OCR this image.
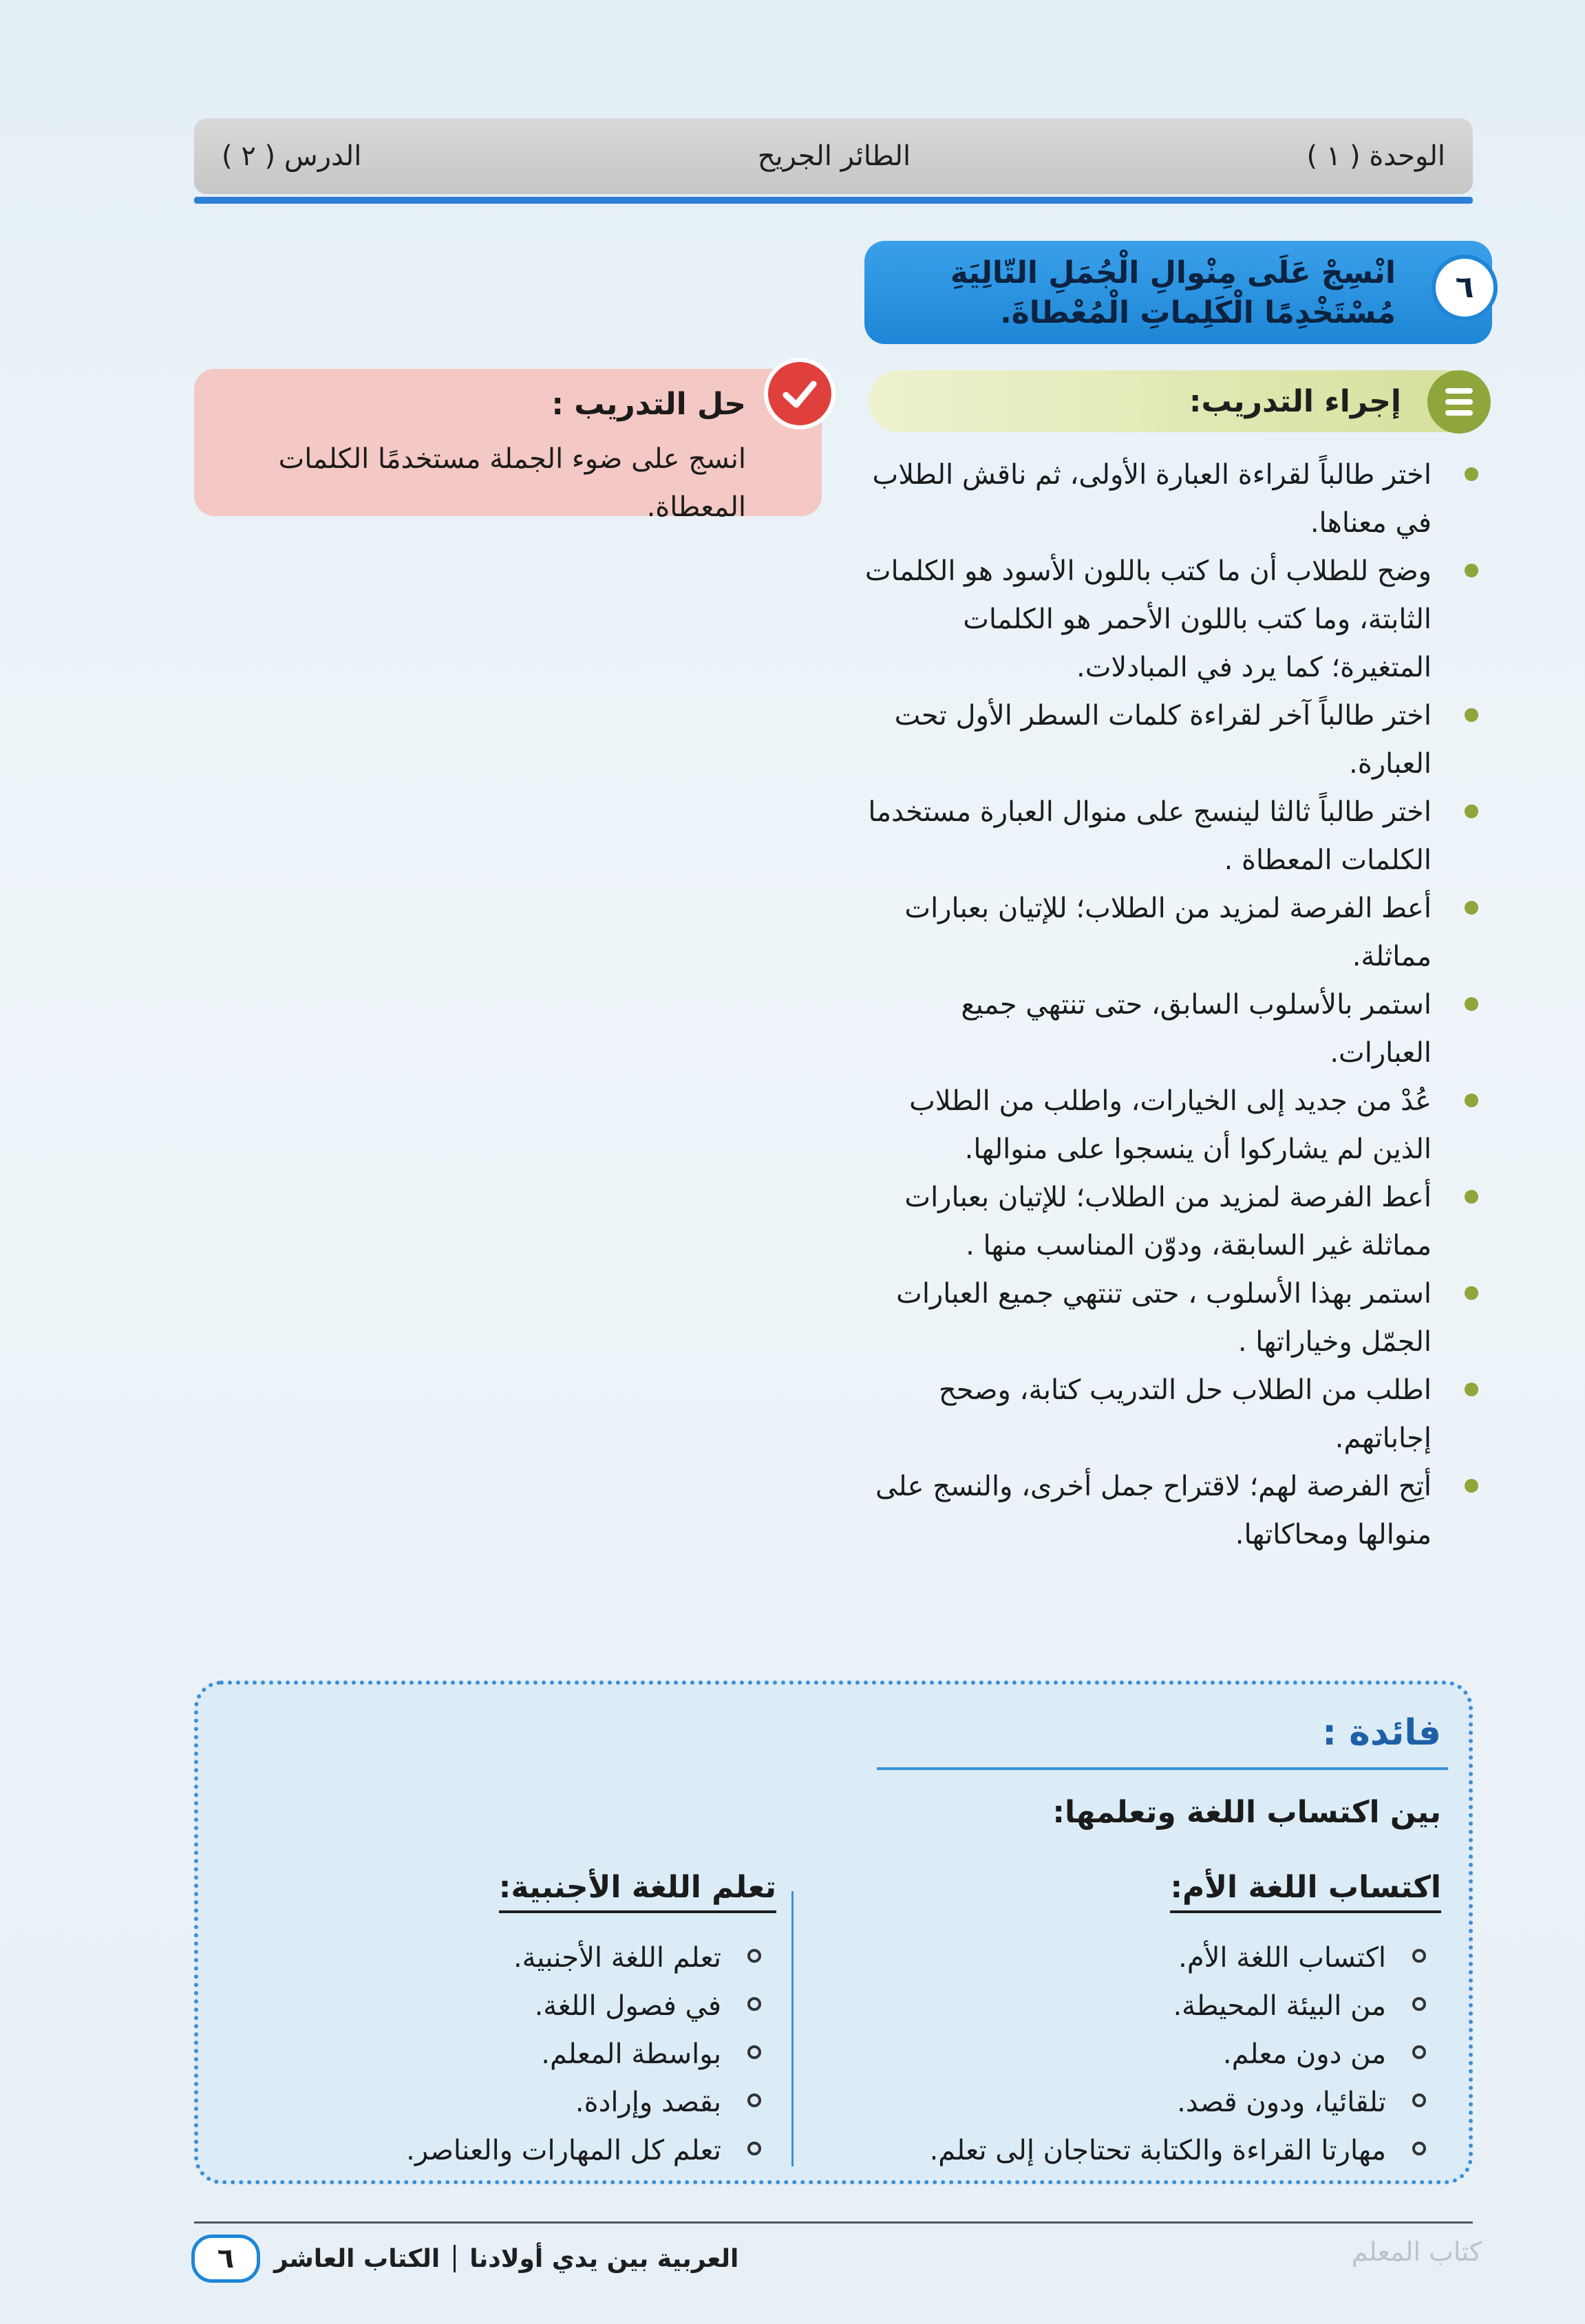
الوحدة ( ١ )
الطائر الجريح
الدرس ( ٢ )
٦
انْسِجْ عَلَى مِنْوالِ الْجُمَلِ التّالِيَةِ مُسْتَخْدِمًا الْكَلِماتِ الْمُعْطاةَ.
إجراء التدريب:
اختر طالباً لقراءة العبارة الأولى، ثم ناقش الطلاب في معناها.
وضح للطلاب أن ما كتب باللون الأسود هو الكلمات الثابتة، وما كتب باللون الأحمر هو الكلمات المتغيرة؛ كما يرد في المبادلات.
اختر طالباً آخر لقراءة كلمات السطر الأول تحت العبارة.
اختر طالباً ثالثا لينسج على منوال العبارة مستخدما الكلمات المعطاة .
أعط الفرصة لمزيد من الطلاب؛ للإتيان بعبارات مماثلة.
استمر بالأسلوب السابق، حتى تنتهي جميع العبارات.
عُدْ من جديد إلى الخيارات، واطلب من الطلاب الذين لم يشاركوا أن ينسجوا على منوالها.
أعط الفرصة لمزيد من الطلاب؛ للإتيان بعبارات مماثلة غير السابقة، ودوّن المناسب منها .
استمر بهذا الأسلوب ، حتى تنتهي جميع العبارات الجمّل وخياراتها .
اطلب من الطلاب حل التدريب كتابة، وصحح إجاباتهم.
أتِح الفرصة لهم؛ لاقتراح جمل أخرى، والنسج على منوالها ومحاكاتها.
حل التدريب :
انسج على ضوء الجملة مستخدمًا الكلمات المعطاة.
فائدة :
بين اكتساب اللغة وتعلمها:
اكتساب اللغة الأم:
اكتساب اللغة الأم.
من البيئة المحيطة.
من دون معلم.
تلقائيا، ودون قصد.
مهارتا القراءة والكتابة تحتاجان إلى تعلم.
تعلم اللغة الأجنبية:
تعلم اللغة الأجنبية.
في فصول اللغة.
بواسطة المعلم.
بقصد وإرادة.
تعلم كل المهارات والعناصر.
العربية بين يدي أولادنا
الكتاب العاشر
٦	كتاب المعلم
